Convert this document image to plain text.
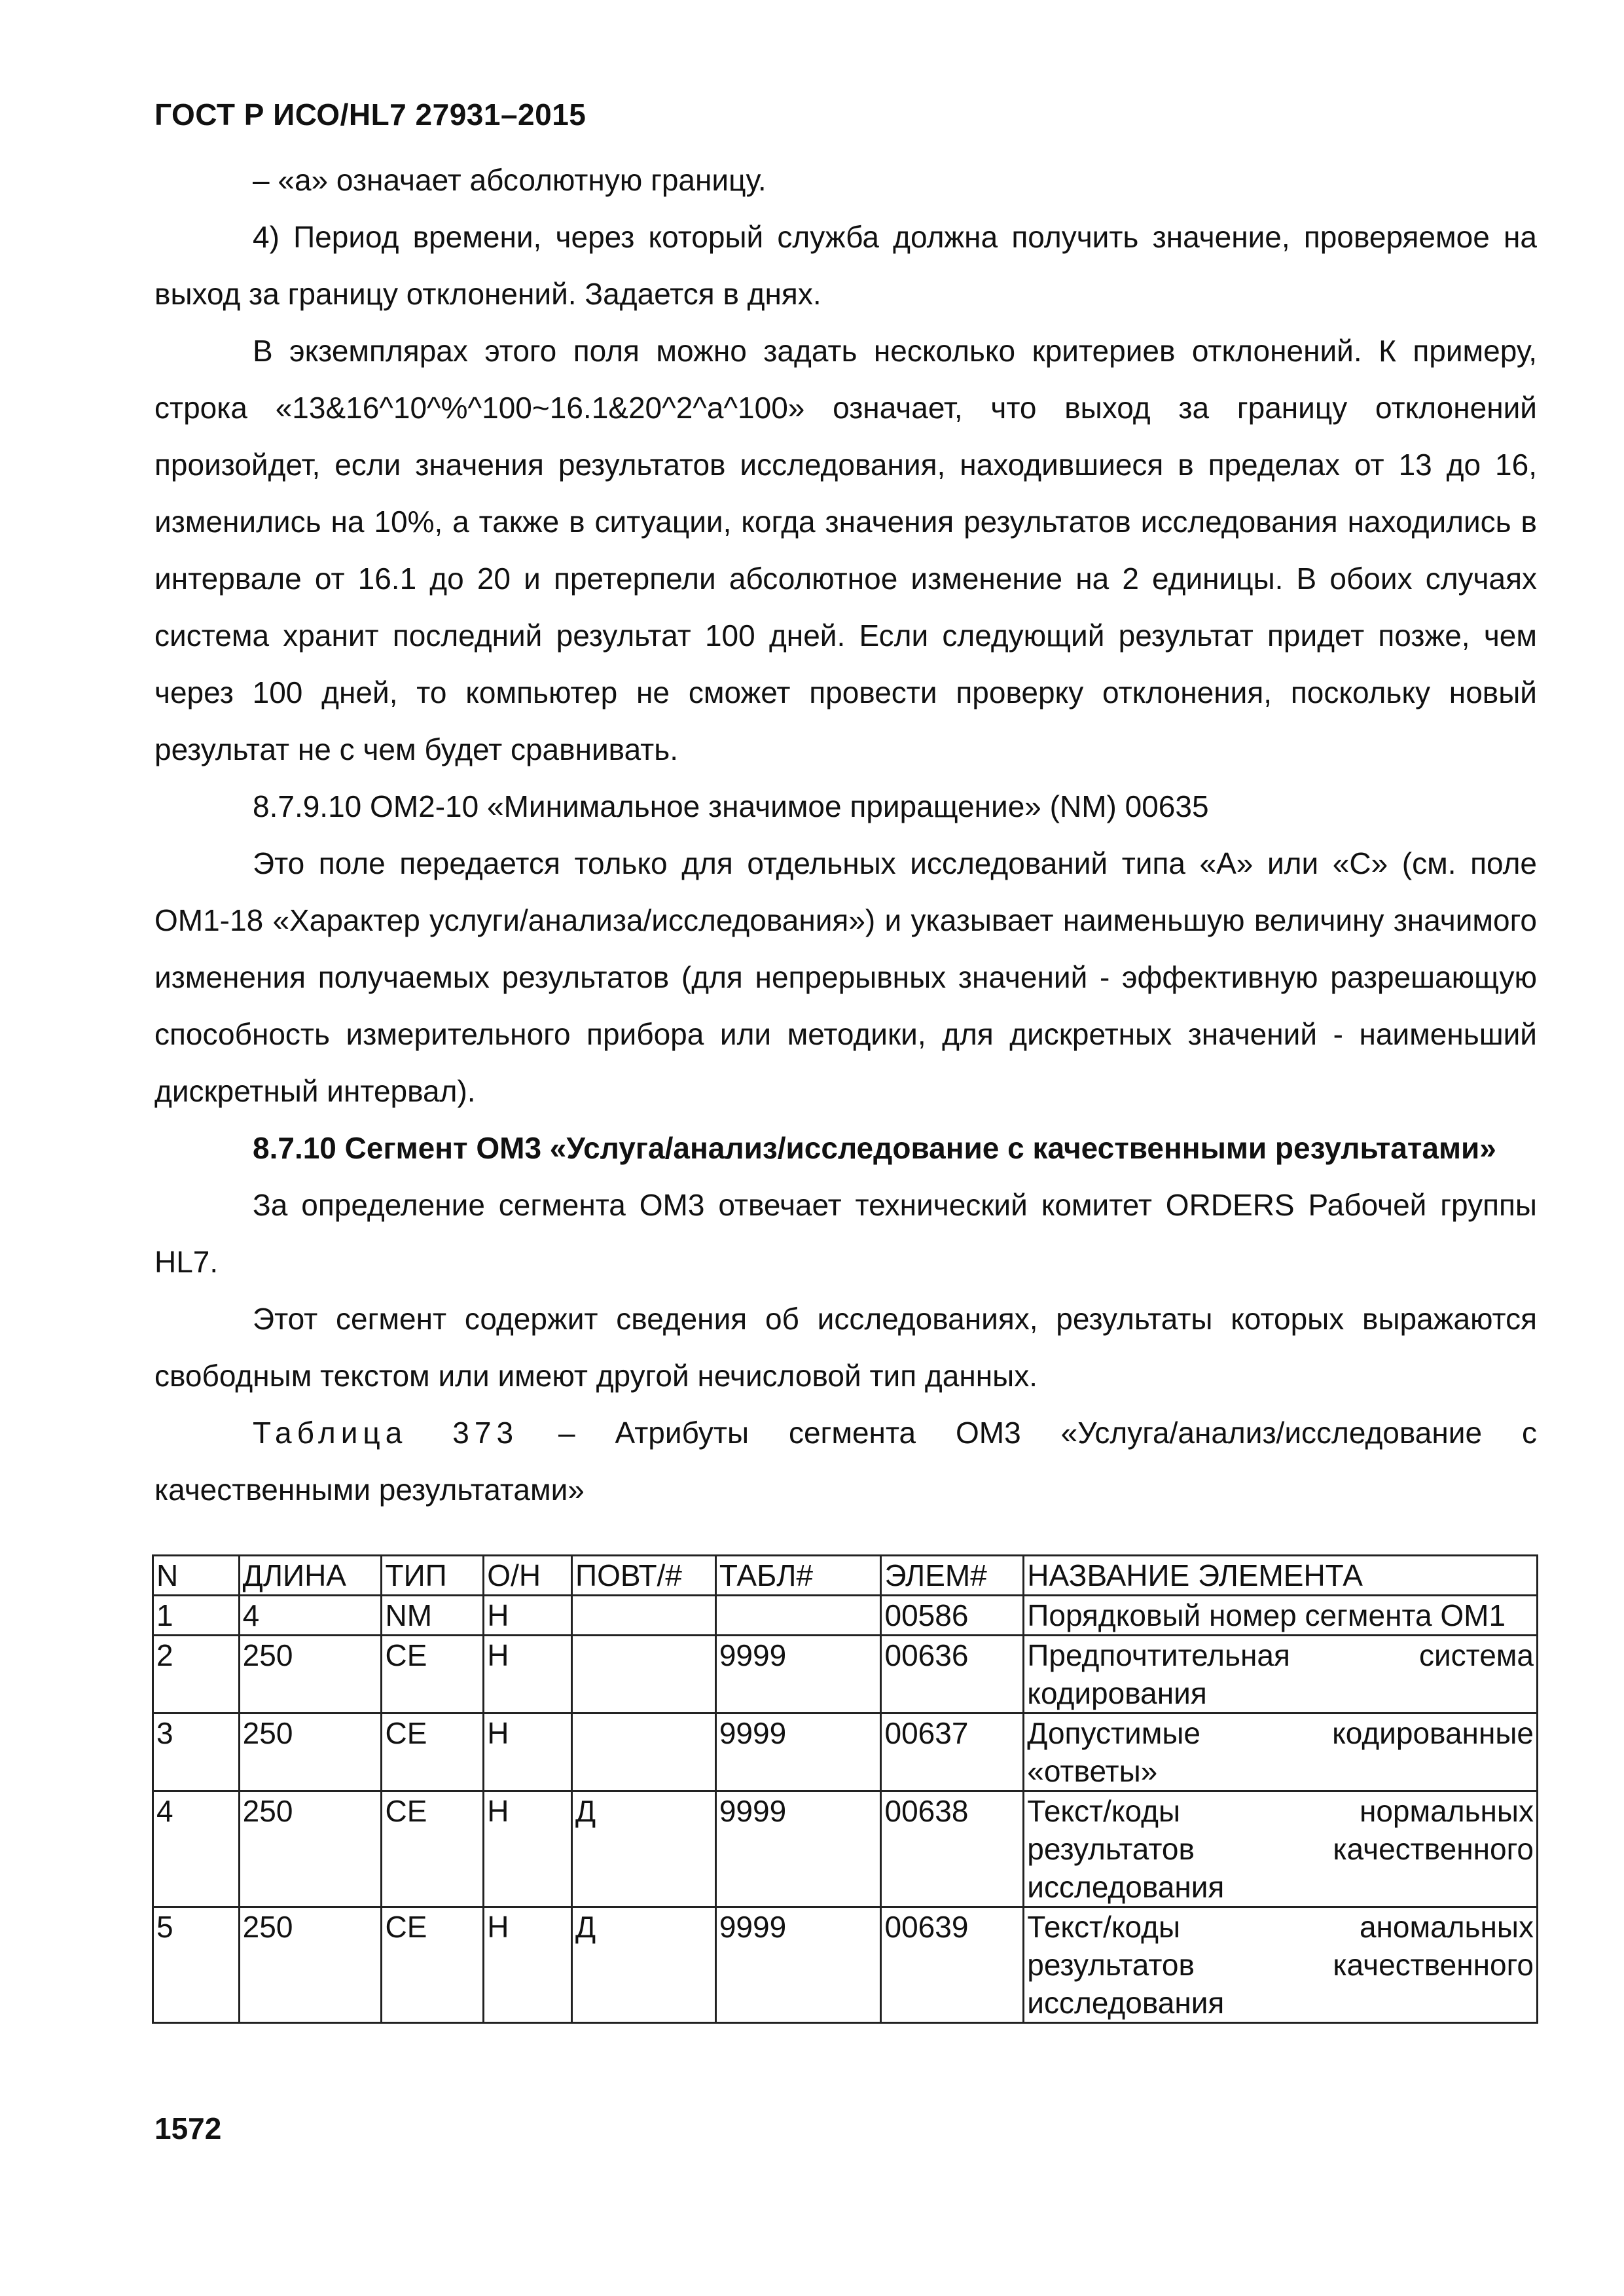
ГОСТ Р ИСО/HL7 27931–2015

– «а» означает абсолютную границу.

4) Период времени, через который служба должна получить значение, проверяемое на выход за границу отклонений. Задается в днях.

В экземплярах этого поля можно задать несколько критериев отклонений. К примеру, строка «13&16^10^%^100~16.1&20^2^a^100» означает, что выход за границу отклонений произойдет, если значения результатов исследования, находившиеся в пределах от 13 до 16, изменились на 10%, а также в ситуации, когда значения результатов исследования находились в интервале от 16.1 до 20 и претерпели абсолютное изменение на 2 единицы. В обоих случаях система хранит последний результат 100 дней. Если следующий результат придет позже, чем через 100 дней, то компьютер не сможет провести проверку отклонения, поскольку новый результат не с чем будет сравнивать.

8.7.9.10 OM2-10 «Минимальное значимое приращение» (NM) 00635

Это поле передается только для отдельных исследований типа «А» или «С» (см. поле OM1-18 «Характер услуги/анализа/исследования») и указывает наименьшую величину значимого изменения получаемых результатов (для непрерывных значений - эффективную разрешающую способность измерительного прибора или методики, для дискретных значений - наименьший дискретный интервал).

8.7.10 Сегмент OM3 «Услуга/анализ/исследование с качественными результатами»

За определение сегмента OM3 отвечает технический комитет ORDERS Рабочей группы HL7.

Этот сегмент содержит сведения об исследованиях, результаты которых выражаются свободным текстом или имеют другой нечисловой тип данных.

Таблица 373 – Атрибуты сегмента OM3 «Услуга/анализ/исследование с качественными результатами»

N	ДЛИНА	ТИП	О/Н	ПОВТ/#	ТАБЛ#	ЭЛЕМ#	НАЗВАНИЕ ЭЛЕМЕНТА
1	4	NM	Н			00586	Порядковый номер сегмента OM1
2	250	CE	Н		9999	00636	Предпочтительная система кодирования
3	250	CE	Н		9999	00637	Допустимые кодированные «ответы»
4	250	CE	Н	Д	9999	00638	Текст/коды нормальных результатов качественного исследования
5	250	CE	Н	Д	9999	00639	Текст/коды аномальных результатов качественного исследования
1572
